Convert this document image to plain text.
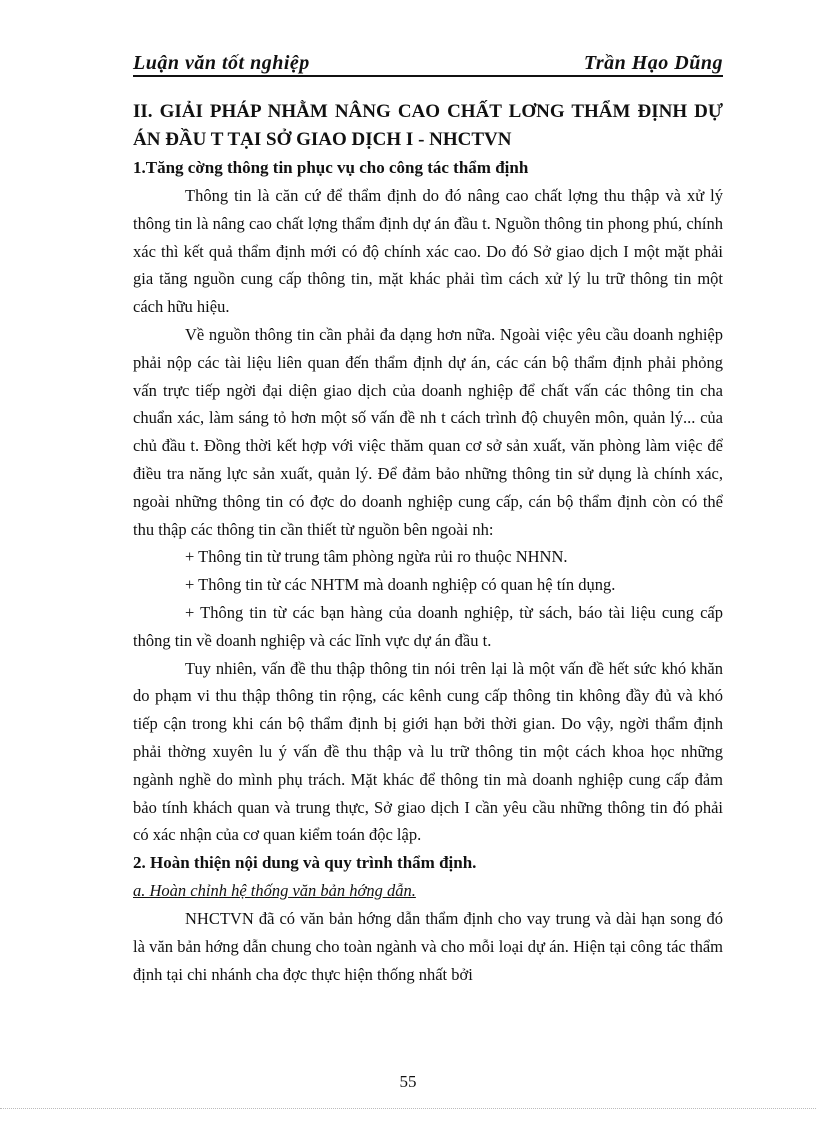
Luận văn tốt nghiệp	Trần Hạo Dũng

II. GIẢI PHÁP NHẰM NÂNG CAO CHẤT LƠNG THẨM ĐỊNH DỰ ÁN ĐẦU T TẠI SỞ GIAO DỊCH I - NHCTVN

1.Tăng cờng thông tin phục vụ cho công tác thẩm định

Thông tin là căn cứ để thẩm định do đó nâng cao chất lợng thu thập và xử lý thông tin là nâng cao chất lợng thẩm định dự án đầu t. Nguồn thông tin phong phú, chính xác thì kết quả thẩm định mới có độ chính xác cao. Do đó Sở giao dịch I một mặt phải gia tăng nguồn cung cấp thông tin, mặt khác phải tìm cách xử lý lu trữ thông tin một cách hữu hiệu.

Về nguồn thông tin cần phải đa dạng hơn nữa. Ngoài việc yêu cầu doanh nghiệp phải nộp các tài liệu liên quan đến thẩm định dự án, các cán bộ thẩm định phải phỏng vấn trực tiếp ngời đại diện giao dịch của doanh nghiệp để chất vấn các thông tin cha chuẩn xác, làm sáng tỏ hơn một số vấn đề nh t cách trình độ chuyên môn, quản lý... của chủ đầu t. Đồng thời kết hợp với việc thăm quan cơ sở sản xuất, văn phòng làm việc để điều tra năng lực sản xuất, quản lý. Để đảm bảo những thông tin sử dụng là chính xác, ngoài những thông tin có đợc do doanh nghiệp cung cấp, cán bộ thẩm định còn có thể thu thập các thông tin cần thiết từ nguồn bên ngoài nh:

+ Thông tin từ trung tâm phòng ngừa rủi ro thuộc NHNN.

+ Thông tin từ các NHTM mà doanh nghiệp có quan hệ tín dụng.

+ Thông tin từ các bạn hàng của doanh nghiệp, từ sách, báo tài liệu cung cấp thông tin về doanh nghiệp và các lĩnh vực dự án đầu t.

Tuy nhiên, vấn đề thu thập thông tin nói trên lại là một vấn đề hết sức khó khăn do phạm vi thu thập thông tin rộng, các kênh cung cấp thông tin không đầy đủ và khó tiếp cận trong khi cán bộ thẩm định bị giới hạn bởi thời gian. Do vậy, ngời thẩm định phải thờng xuyên lu ý vấn đề thu thập và lu trữ thông tin một cách khoa học những ngành nghề do mình phụ trách. Mặt khác để thông tin mà doanh nghiệp cung cấp đảm bảo tính khách quan và trung thực, Sở giao dịch I cần yêu cầu những thông tin đó phải có xác nhận của cơ quan kiểm toán độc lập.

2. Hoàn thiện nội dung và quy trình thẩm định.

a. Hoàn chỉnh hệ thống văn bản hớng dẫn.

NHCTVN đã có văn bản hớng dẫn thẩm định cho vay trung và dài hạn song đó là văn bản hớng dẫn chung cho toàn ngành và cho mỗi loại dự án. Hiện tại công tác thẩm định tại chi nhánh cha đợc thực hiện thống nhất bởi

55
